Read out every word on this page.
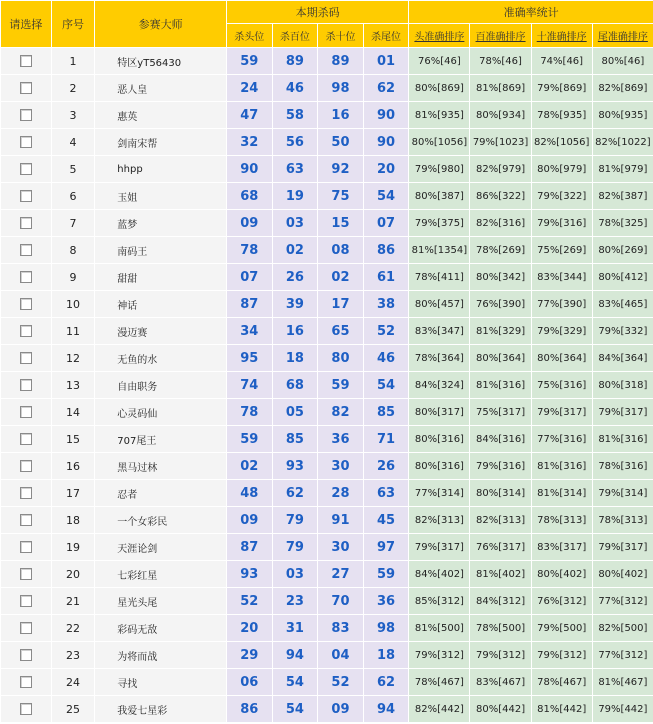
请选择	序号	参赛大师	本期杀码				准确率统计			
			杀头位	杀百位	杀十位	杀尾位	头准确排序	百准确排序	十准确排序	尾准确排序
	1	特区yT56430	59	89	89	01	76%[46]	78%[46]	74%[46]	80%[46]
	2	恶人皇	24	46	98	62	80%[869]	81%[869]	79%[869]	82%[869]
	3	惠英	47	58	16	90	81%[935]	80%[934]	78%[935]	80%[935]
	4	剑南宋帮	32	56	50	90	80%[1056]	79%[1023]	82%[1056]	82%[1022]
	5	hhpp	90	63	92	20	79%[980]	82%[979]	80%[979]	81%[979]
	6	玉姐	68	19	75	54	80%[387]	86%[322]	79%[322]	82%[387]
	7	蓝梦	09	03	15	07	79%[375]	82%[316]	79%[316]	78%[325]
	8	南码王	78	02	08	86	81%[1354]	78%[269]	75%[269]	80%[269]
	9	甜甜	07	26	02	61	78%[411]	80%[342]	83%[344]	80%[412]
	10	神话	87	39	17	38	80%[457]	76%[390]	77%[390]	83%[465]
	11	漫迈赛	34	16	65	52	83%[347]	81%[329]	79%[329]	79%[332]
	12	无鱼的水	95	18	80	46	78%[364]	80%[364]	80%[364]	84%[364]
	13	自由职务	74	68	59	54	84%[324]	81%[316]	75%[316]	80%[318]
	14	心灵码仙	78	05	82	85	80%[317]	75%[317]	79%[317]	79%[317]
	15	707尾王	59	85	36	71	80%[316]	84%[316]	77%[316]	81%[316]
	16	黑马过林	02	93	30	26	80%[316]	79%[316]	81%[316]	78%[316]
	17	忍者	48	62	28	63	77%[314]	80%[314]	81%[314]	79%[314]
	18	一个女彩民	09	79	91	45	82%[313]	82%[313]	78%[313]	78%[313]
	19	天涯论剑	87	79	30	97	79%[317]	76%[317]	83%[317]	79%[317]
	20	七彩红星	93	03	27	59	84%[402]	81%[402]	80%[402]	80%[402]
	21	星光头尾	52	23	70	36	85%[312]	84%[312]	76%[312]	77%[312]
	22	彩码无敌	20	31	83	98	81%[500]	78%[500]	79%[500]	82%[500]
	23	为将而战	29	94	04	18	79%[312]	79%[312]	79%[312]	77%[312]
	24	寻找	06	54	52	62	78%[467]	83%[467]	78%[467]	81%[467]
	25	我爱七星彩	86	54	09	94	82%[442]	80%[442]	81%[442]	79%[442]
